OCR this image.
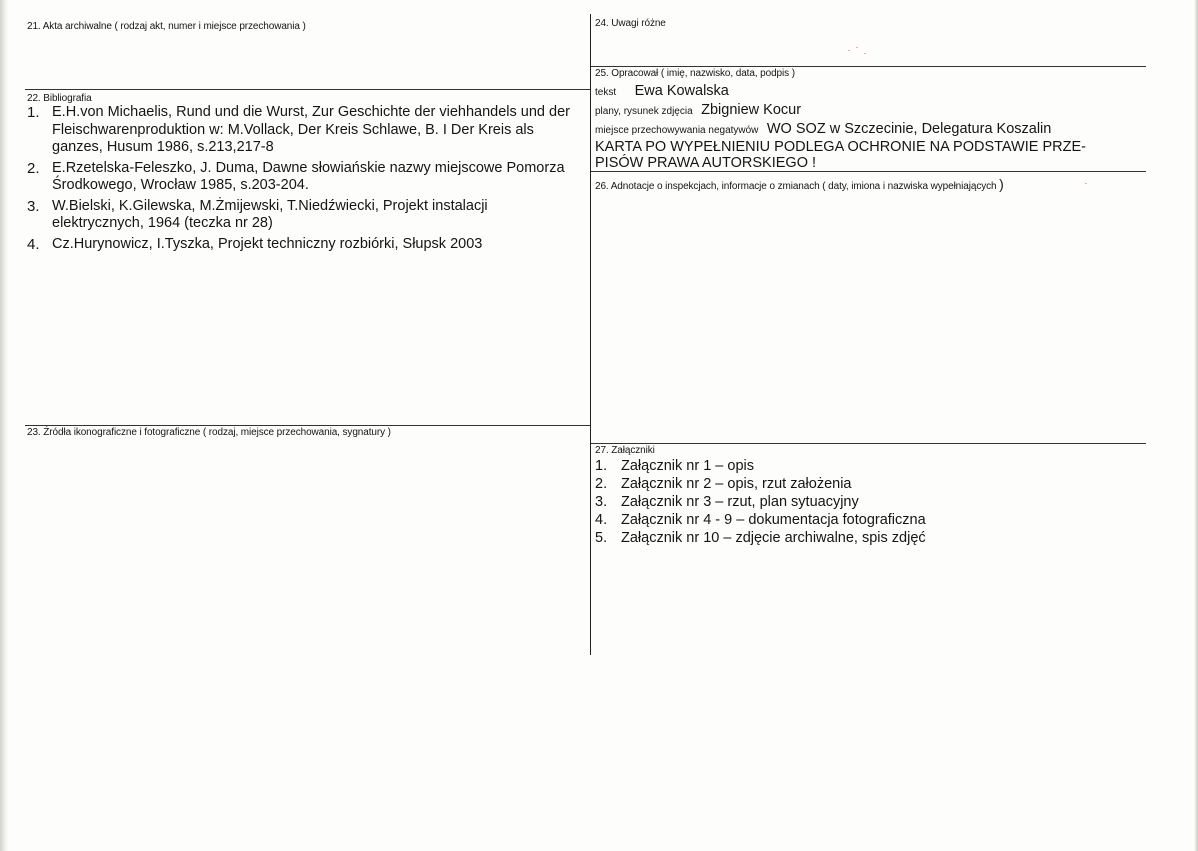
21. Akta archiwalne ( rodzaj akt, numer i miejsce przechowania )
22. Bibliografia
1. E.H.von Michaelis, Rund und die Wurst, Zur Geschichte der viehhandels und der Fleischwarenproduktion w: M.Vollack, Der Kreis Schlawe, B. I Der Kreis als ganzes, Husum 1986, s.213,217-8
2. E.Rzetelska-Feleszko, J. Duma, Dawne słowiańskie nazwy miejscowe Pomorza Środkowego, Wrocław 1985, s.203-204.
3. W.Bielski, K.Gilewska, M.Żmijewski, T.Niedźwiecki, Projekt instalacji elektrycznych, 1964 (teczka nr 28)
4. Cz.Hurynowicz, I.Tyszka, Projekt techniczny rozbiórki, Słupsk 2003
23. Źródła ikonograficzne i fotograficzne ( rodzaj, miejsce przechowania, sygnatury )
24. Uwagi różne
25. Opracował ( imię, nazwisko, data, podpis )
tekst Ewa Kowalska
plany, rysunek zdjęcia Zbigniew Kocur
miejsce przechowywania negatywów WO SOZ w Szczecinie, Delegatura Koszalin
KARTA PO WYPEŁNIENIU PODLEGA OCHRONIE NA PODSTAWIE PRZE-
PISÓW PRAWA AUTORSKIEGO !
26. Adnotacje o inspekcjach, informacje o zmianach ( daty, imiona i nazwiska wypełniających )
27. Załączniki
1. Załącznik nr 1 – opis
2. Załącznik nr 2 – opis, rzut założenia
3. Załącznik nr 3 – rzut, plan sytuacyjny
4. Załącznik nr 4 - 9 – dokumentacja fotograficzna
5. Załącznik nr 10 – zdjęcie archiwalne, spis zdjęć
